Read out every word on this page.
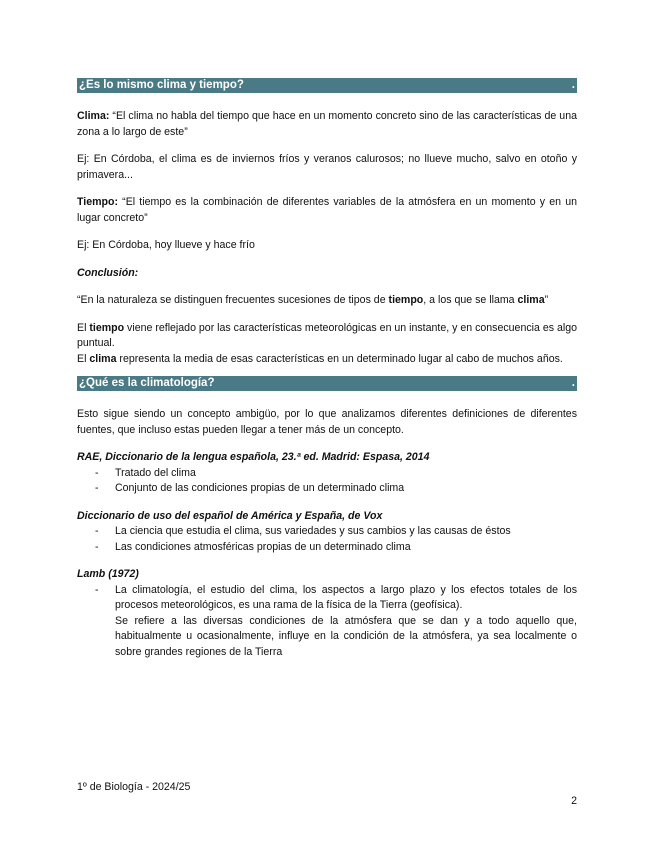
¿Es lo mismo clima y tiempo?	.

Clima: “El clima no habla del tiempo que hace en un momento concreto sino de las características de una zona a lo largo de este”

Ej: En Córdoba, el clima es de inviernos fríos y veranos calurosos; no llueve mucho, salvo en otoño y primavera...

Tiempo: “El tiempo es la combinación de diferentes variables de la atmósfera en un momento y en un lugar concreto”

Ej: En Córdoba, hoy llueve y hace frío

Conclusión:

“En la naturaleza se distinguen frecuentes sucesiones de tipos de tiempo, a los que se llama clima”

El tiempo viene reflejado por las características meteorológicas en un instante, y en consecuencia es algo puntual.

El clima representa la media de esas características en un determinado lugar al cabo de muchos años.

¿Qué es la climatología?	.

Esto sigue siendo un concepto ambigüo, por lo que analizamos diferentes definiciones de diferentes fuentes, que incluso estas pueden llegar a tener más de un concepto.

RAE, Diccionario de la lengua española, 23.ª ed. Madrid: Espasa, 2014
- Tratado del clima
- Conjunto de las condiciones propias de un determinado clima
Diccionario de uso del español de América y España, de Vox
- La ciencia que estudia el clima, sus variedades y sus cambios y las causas de éstos
- Las condiciones atmosféricas propias de un determinado clima
Lamb (1972)
- La climatología, el estudio del clima, los aspectos a largo plazo y los efectos totales de los procesos meteorológicos, es una rama de la física de la Tierra (geofísica).
Se refiere a las diversas condiciones de la atmósfera que se dan y a todo aquello que, habitualmente u ocasionalmente, influye en la condición de la atmósfera, ya sea localmente o sobre grandes regiones de la Tierra
1º de Biología - 2024/25
2
